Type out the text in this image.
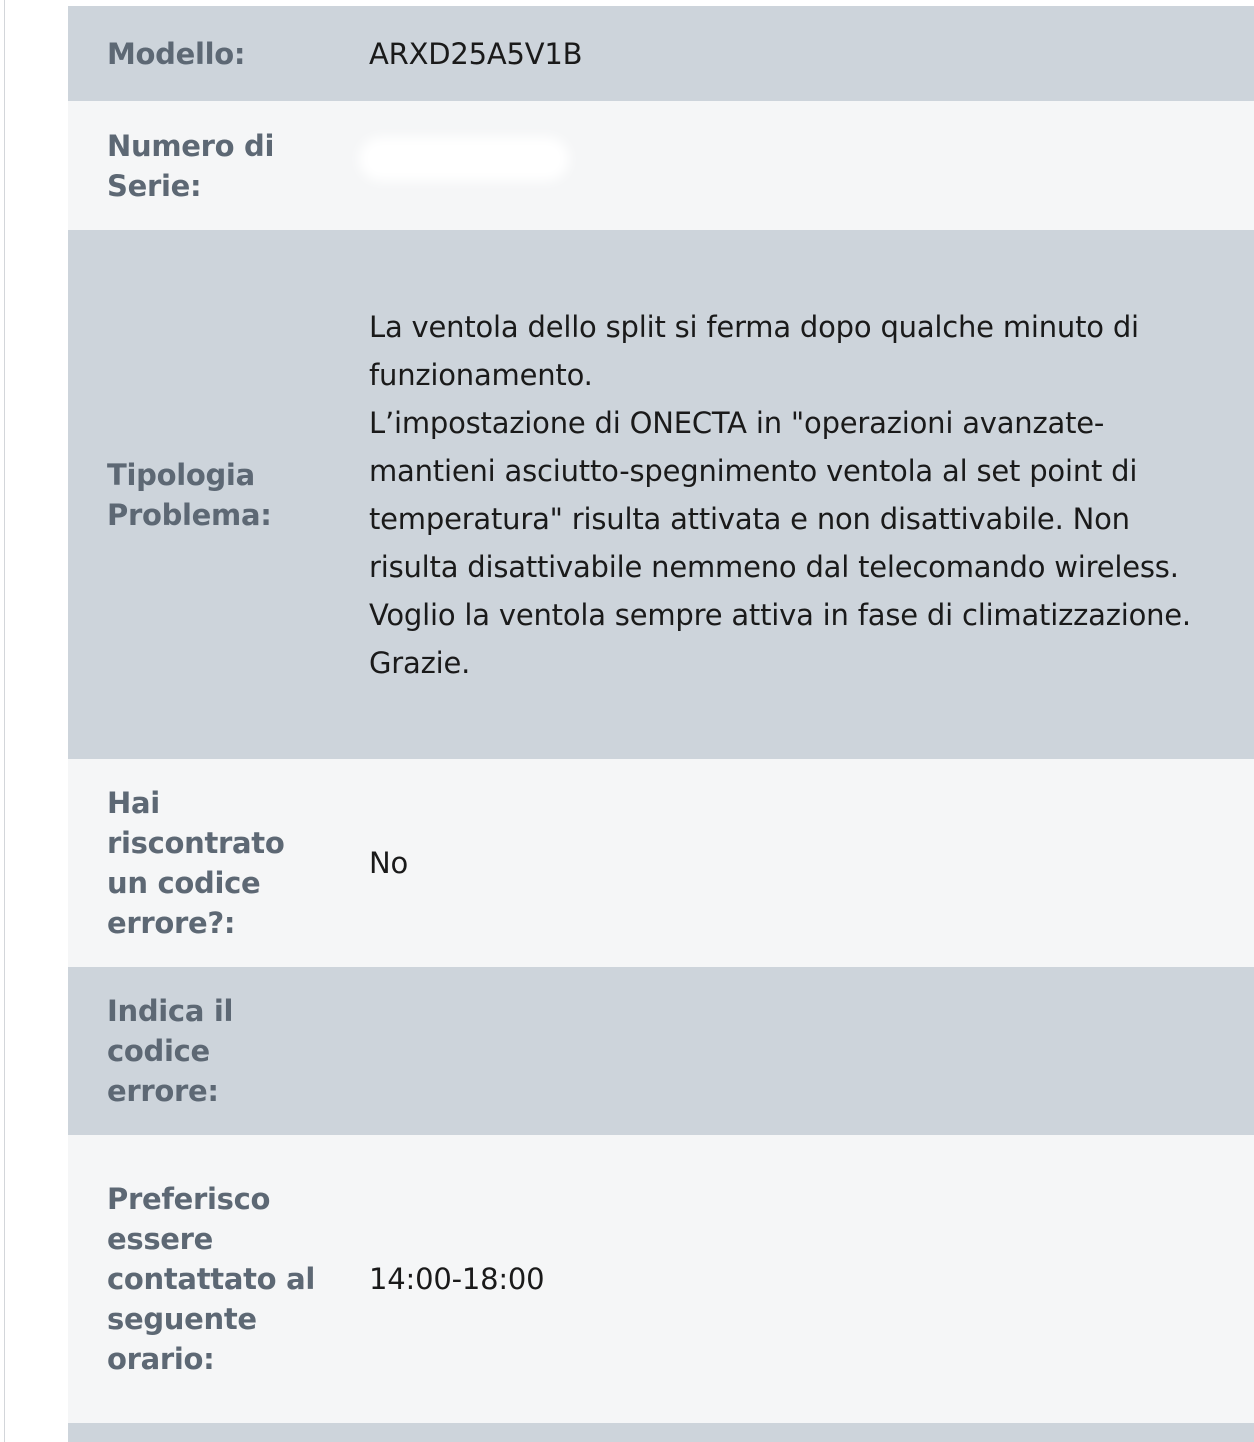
Modello:	ARXD25A5V1B
Numero di Serie:
Tipologia Problema:
La ventola dello split si ferma dopo qualche minuto di funzionamento.
L’impostazione di ONECTA in "operazioni avanzate-mantieni asciutto-spegnimento ventola al set point di temperatura" risulta attivata e non disattivabile. Non risulta disattivabile nemmeno dal telecomando wireless.
Voglio la ventola sempre attiva in fase di climatizzazione.
Grazie.
Hai riscontrato un codice errore?:
No
Indica il codice errore:
Preferisco essere contattato al seguente orario:
14:00-18:00
